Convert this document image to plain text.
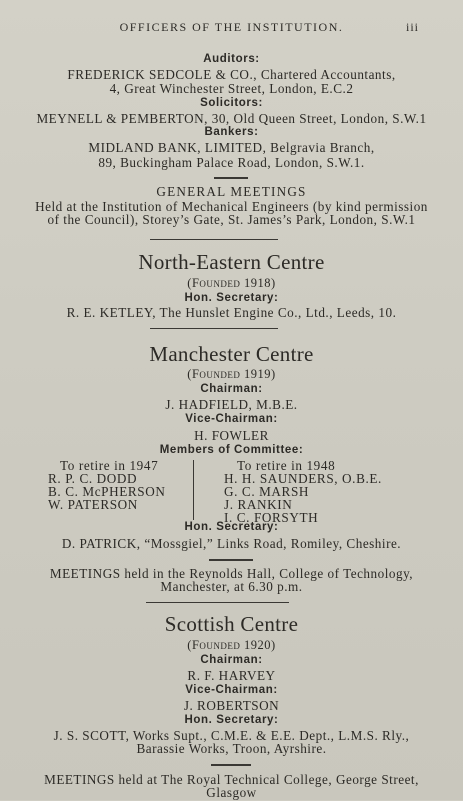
OFFICERS OF THE INSTITUTION.	iii
Auditors:
FREDERICK SEDCOLE & CO., Chartered Accountants,
4, Great Winchester Street, London, E.C.2
Solicitors:
MEYNELL & PEMBERTON, 30, Old Queen Street, London, S.W.1
Bankers:
MIDLAND BANK, LIMITED, Belgravia Branch,
89, Buckingham Palace Road, London, S.W.1.
GENERAL MEETINGS
Held at the Institution of Mechanical Engineers (by kind permission
of the Council), Storey’s Gate, St. James’s Park, London, S.W.1
North-Eastern Centre
(Founded 1918)
Hon. Secretary:
R. E. KETLEY, The Hunslet Engine Co., Ltd., Leeds, 10.
Manchester Centre
(Founded 1919)
Chairman:
J. HADFIELD, M.B.E.
Vice-Chairman:
H. FOWLER
Members of Committee:
To retire in 1947
R. P. C. DODD
B. C. McPHERSON
W. PATERSON
To retire in 1948
H. H. SAUNDERS, O.B.E.
G. C. MARSH
J. RANKIN
I. C. FORSYTH
Hon. Secretary:
D. PATRICK, “Mossgiel,” Links Road, Romiley, Cheshire.
MEETINGS held in the Reynolds Hall, College of Technology,
Manchester, at 6.30 p.m.
Scottish Centre
(Founded 1920)
Chairman:
R. F. HARVEY
Vice-Chairman:
J. ROBERTSON
Hon. Secretary:
J. S. SCOTT, Works Supt., C.M.E. & E.E. Dept., L.M.S. Rly.,
Barassie Works, Troon, Ayrshire.
MEETINGS held at The Royal Technical College, George Street,
Glasgow
